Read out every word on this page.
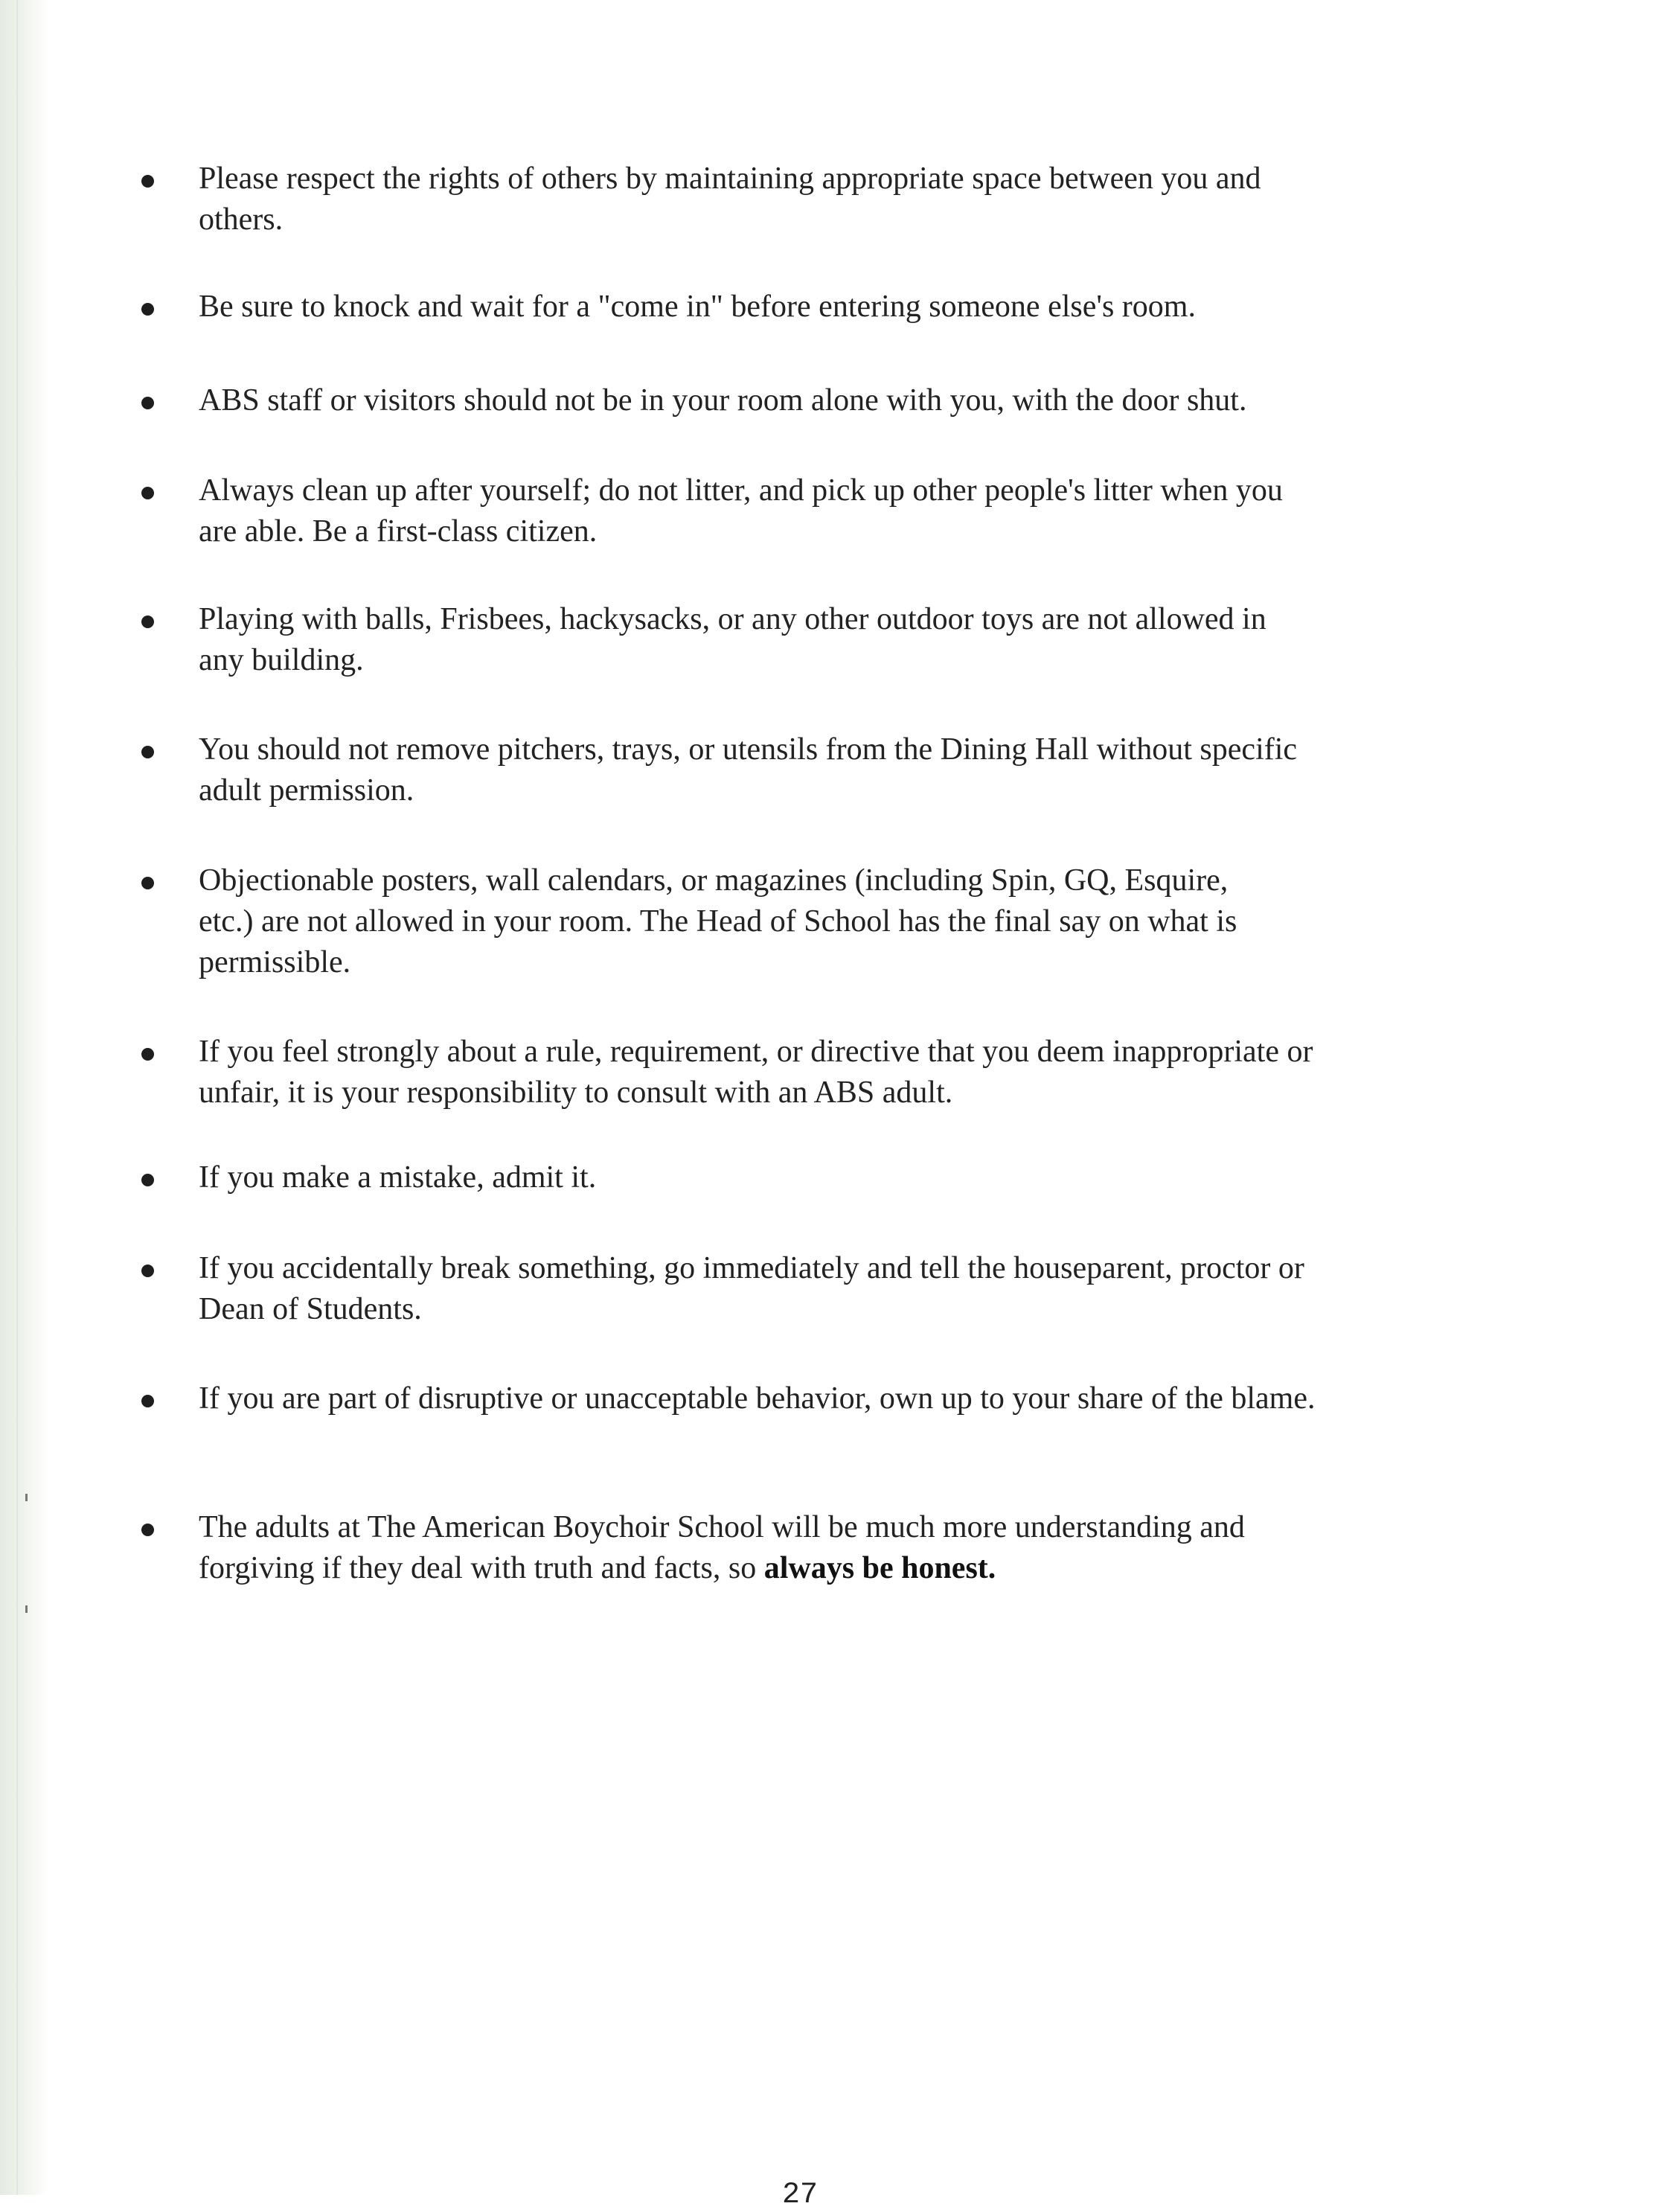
Please respect the rights of others by maintaining appropriate space between you and
others.

Be sure to knock and wait for a "come in" before entering someone else's room.

ABS staff or visitors should not be in your room alone with you, with the door shut.

Always clean up after yourself; do not litter, and pick up other people's litter when you
are able. Be a first-class citizen.

Playing with balls, Frisbees, hackysacks, or any other outdoor toys are not allowed in
any building.

You should not remove pitchers, trays, or utensils from the Dining Hall without specific
adult permission.

Objectionable posters, wall calendars, or magazines (including Spin, GQ, Esquire,
etc.) are not allowed in your room. The Head of School has the final say on what is
permissible.

If you feel strongly about a rule, requirement, or directive that you deem inappropriate or
unfair, it is your responsibility to consult with an ABS adult.

If you make a mistake, admit it.

If you accidentally break something, go immediately and tell the houseparent, proctor or
Dean of Students.

If you are part of disruptive or unacceptable behavior, own up to your share of the blame.

The adults at The American Boychoir School will be much more understanding and
forgiving if they deal with truth and facts, so always be honest.

27
